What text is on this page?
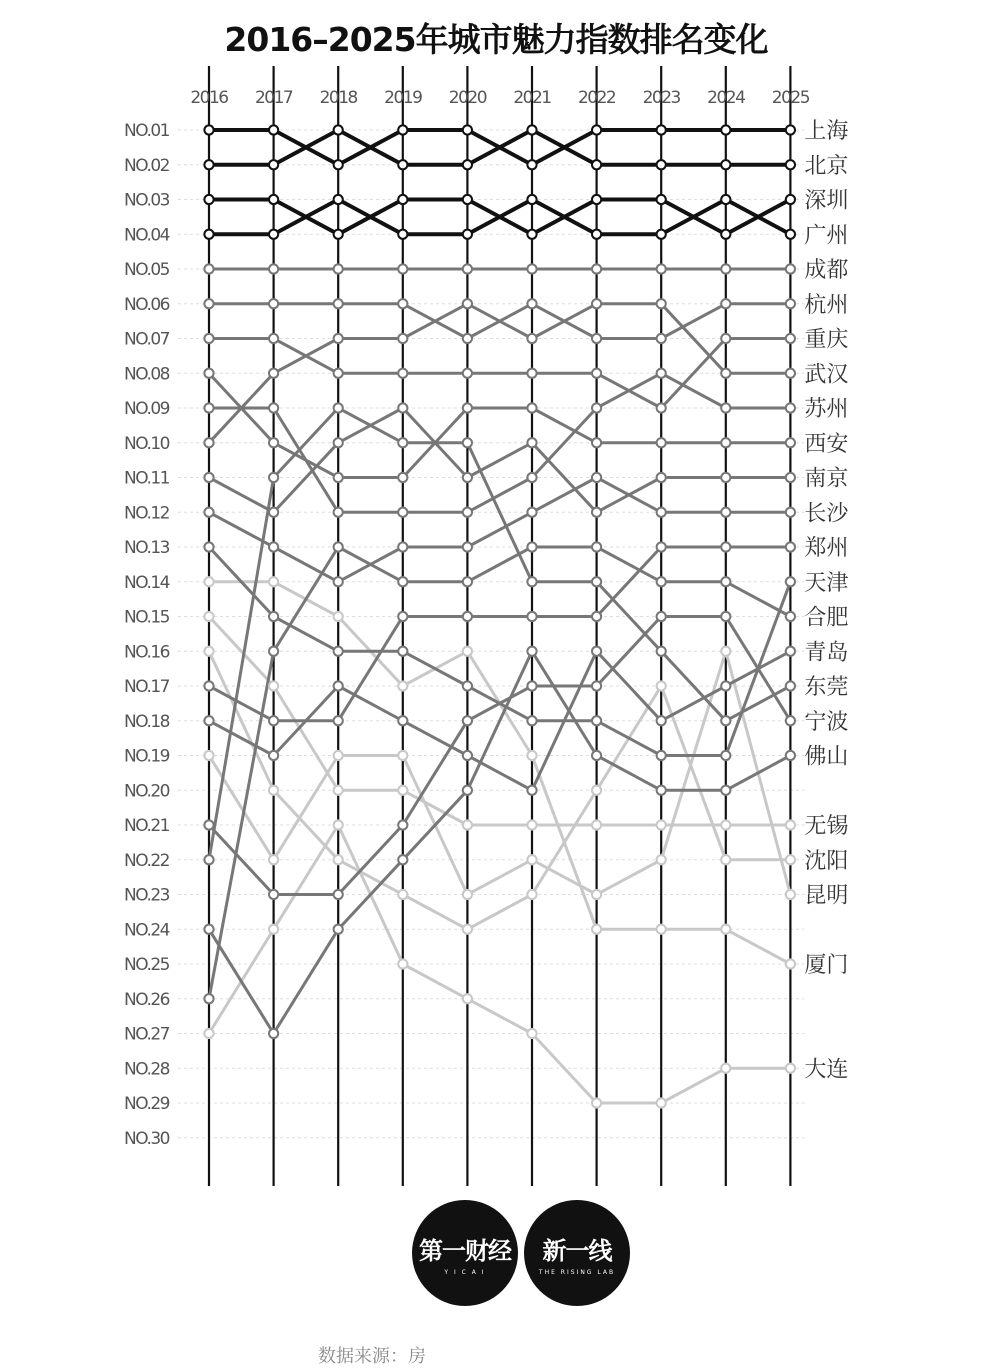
2016–2025年城市魅力指数排名变化
NO.01
NO.02
NO.03
NO.04
NO.05
NO.06
NO.07
NO.08
NO.09
NO.10
NO.11
NO.12
NO.13
NO.14
NO.15
NO.16
NO.17
NO.18
NO.19
NO.20
NO.21
NO.22
NO.23
NO.24
NO.25
NO.26
NO.27
NO.28
NO.29
NO.30
2016 2017 2018 2019 2020 2021 2022 2023 2024 2025
上海
北京
深圳
广州
成都
杭州
重庆
武汉
苏州
西安
南京
长沙
郑州
天津
合肥
青岛
东莞
宁波
佛山
无锡
沈阳
昆明
厦门
大连
第一财经
Y I C A I
新一线
THE RISING LAB
数据来源：房
